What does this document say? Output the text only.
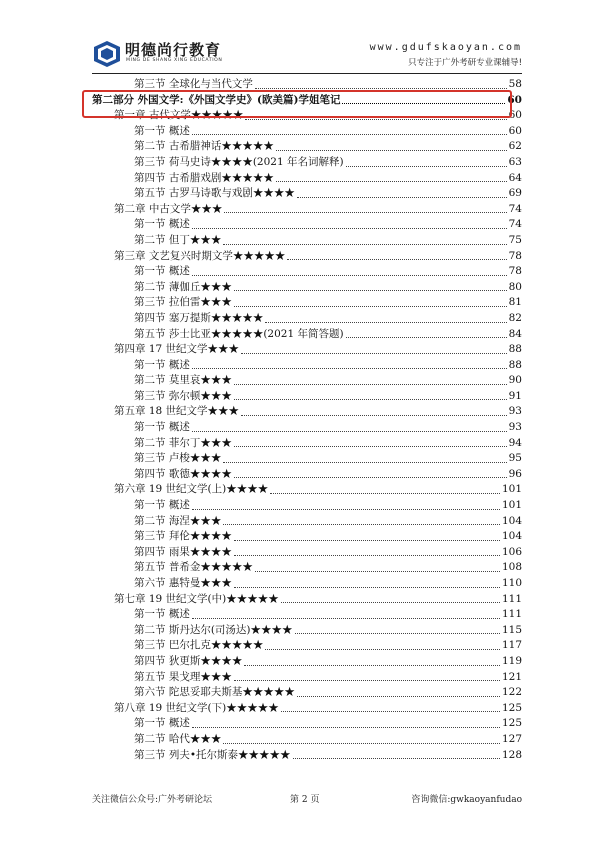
明德尚行教育
MING DE SHANG XING EDUCATION
www.gdufskaoyan.com
只专注于广外考研专业课辅导!
第三节 全球化与当代文学	58
第二部分 外国文学:《外国文学史》(欧美篇)学姐笔记	60
第一章 古代文学★★★★★	60
第一节 概述	60
第二节 古希腊神话★★★★★	62
第三节 荷马史诗★★★★(2021 年名词解释)	63
第四节 古希腊戏剧★★★★★	64
第五节 古罗马诗歌与戏剧★★★★	69
第二章 中古文学★★★	74
第一节 概述	74
第二节 但丁★★★	75
第三章 文艺复兴时期文学★★★★★	78
第一节 概述	78
第二节 薄伽丘★★★	80
第三节 拉伯雷★★★	81
第四节 塞万提斯★★★★★	82
第五节 莎士比亚★★★★★(2021 年简答题)	84
第四章 17 世纪文学★★★	88
第一节 概述	88
第二节 莫里哀★★★	90
第三节 弥尔顿★★★	91
第五章 18 世纪文学★★★	93
第一节 概述	93
第二节 菲尔丁★★★	94
第三节 卢梭★★★	95
第四节 歌德★★★★	96
第六章 19 世纪文学(上)★★★★	101
第一节 概述	101
第二节 海涅★★★	104
第三节 拜伦★★★★	104
第四节 雨果★★★★	106
第五节 普希金★★★★★	108
第六节 惠特曼★★★	110
第七章 19 世纪文学(中)★★★★★	111
第一节 概述	111
第二节 斯丹达尔(司汤达)★★★★	115
第三节 巴尔扎克★★★★★	117
第四节 狄更斯★★★★	119
第五节 果戈理★★★	121
第六节 陀思妥耶夫斯基★★★★★	122
第八章 19 世纪文学(下)★★★★★	125
第一节 概述	125
第二节 哈代★★★	127
第三节 列夫•托尔斯泰★★★★★	128
关注微信公众号:广外考研论坛	第 2 页	咨询微信:gwkaoyanfudao
